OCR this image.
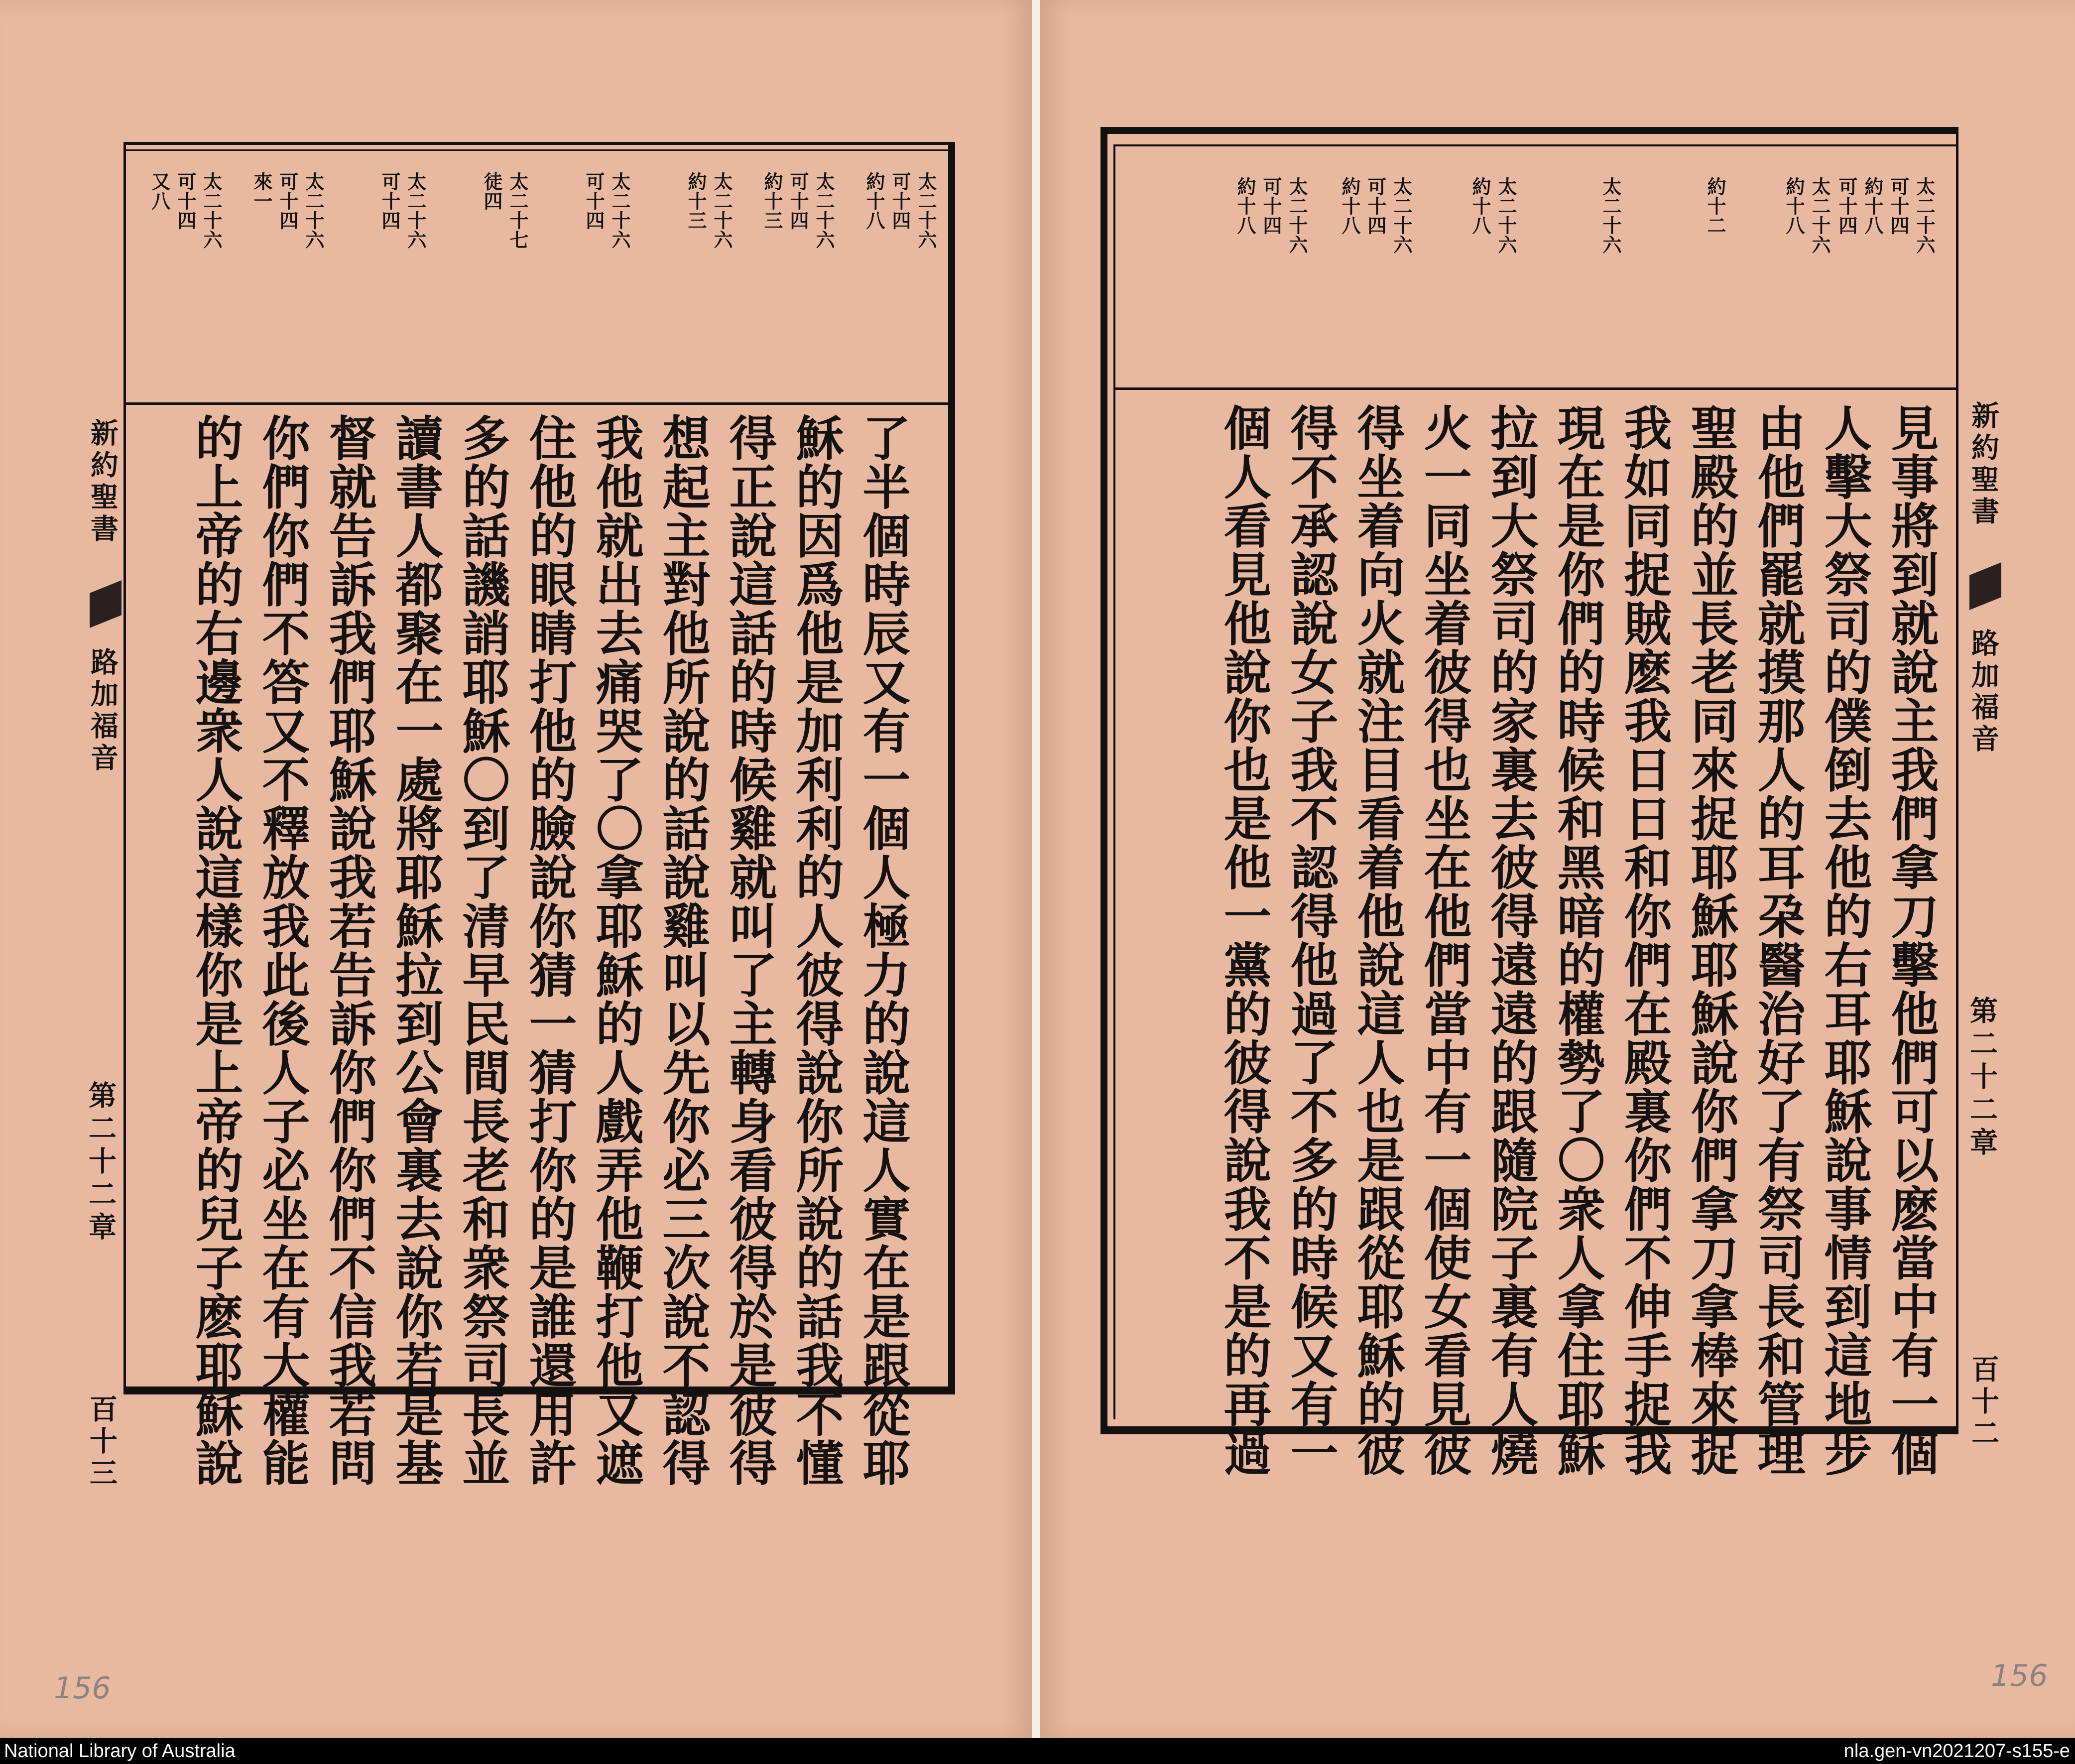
太二十六
可十四
約十八
太二十六
可十四
約十三
太二十六
約十三
太二十六
可十四
太二十七
徒四
太二十六
可十四
太二十六
可十四
來一
太二十六
可十四
又八
了半個時辰又有一個人極力的說這人實在是跟從耶
穌的因爲他是加利利的人彼得說你所說的話我不懂
得正說這話的時候雞就叫了主轉身看彼得於是彼得
想起主對他所說的話說雞叫以先你必三次說不認得
我他就出去痛哭了〇拿耶穌的人戲弄他鞭打他又遮
住他的眼睛打他的臉說你猜一猜打你的是誰還用許
多的話譏誚耶穌〇到了清早民間長老和衆祭司長並
讀書人都聚在一處將耶穌拉到公會裏去說你若是基
督就告訴我們耶穌說我若告訴你們你們不信我若問
你們你們不答又不釋放我此後人子必坐在有大權能
的上帝的右邊衆人說這樣你是上帝的兒子麽耶穌說
新約聖書
路加福音
第二十二章
百十三
156
太二十六
可十四
約十八
可十四
太二十六
約十八
約十二
太二十六
太二十六
約十八
太二十六
可十四
約十八
太二十六
可十四
約十八
見事將到就說主我們拿刀擊他們可以麽當中有一個
人擊大祭司的僕倒去他的右耳耶穌說事情到這地步
由他們罷就摸那人的耳朶醫治好了有祭司長和管理
聖殿的並長老同來捉耶穌耶穌說你們拿刀拿棒來捉
我如同捉賊麽我日日和你們在殿裏你們不伸手捉我
現在是你們的時候和黑暗的權勢了〇衆人拿住耶穌
拉到大祭司的家裏去彼得遠遠的跟隨院子裏有人燒
火一同坐着彼得也坐在他們當中有一個使女看見彼
得坐着向火就注目看着他說這人也是跟從耶穌的彼
得不承認說女子我不認得他過了不多的時候又有一
個人看見他說你也是他一黨的彼得說我不是的再過	新約聖書
路加福音
第二十二章
百十二
156
National Library of Australia	nla.gen-vn2021207-s155-e
